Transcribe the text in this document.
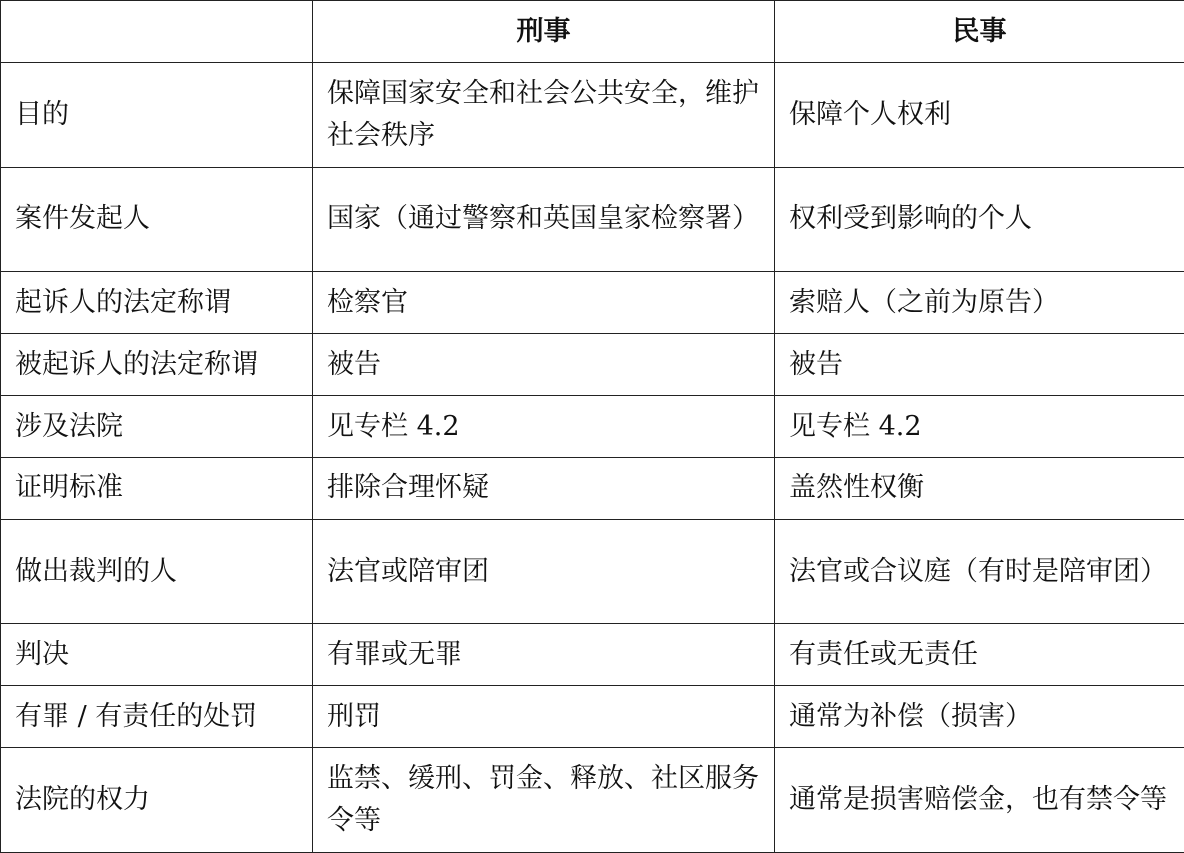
	刑事	民事
目的	保障国家安全和社会公共安全，维护社会秩序	保障个人权利
案件发起人	国家（通过警察和英国皇家检察署）	权利受到影响的个人
起诉人的法定称谓	检察官	索赔人（之前为原告）
被起诉人的法定称谓	被告	被告
涉及法院	见专栏 4.2	见专栏 4.2
证明标准	排除合理怀疑	盖然性权衡
做出裁判的人	法官或陪审团	法官或合议庭（有时是陪审团）
判决	有罪或无罪	有责任或无责任
有罪 / 有责任的处罚	刑罚	通常为补偿（损害）
法院的权力	监禁、缓刑、罚金、释放、社区服务令等	通常是损害赔偿金，也有禁令等
